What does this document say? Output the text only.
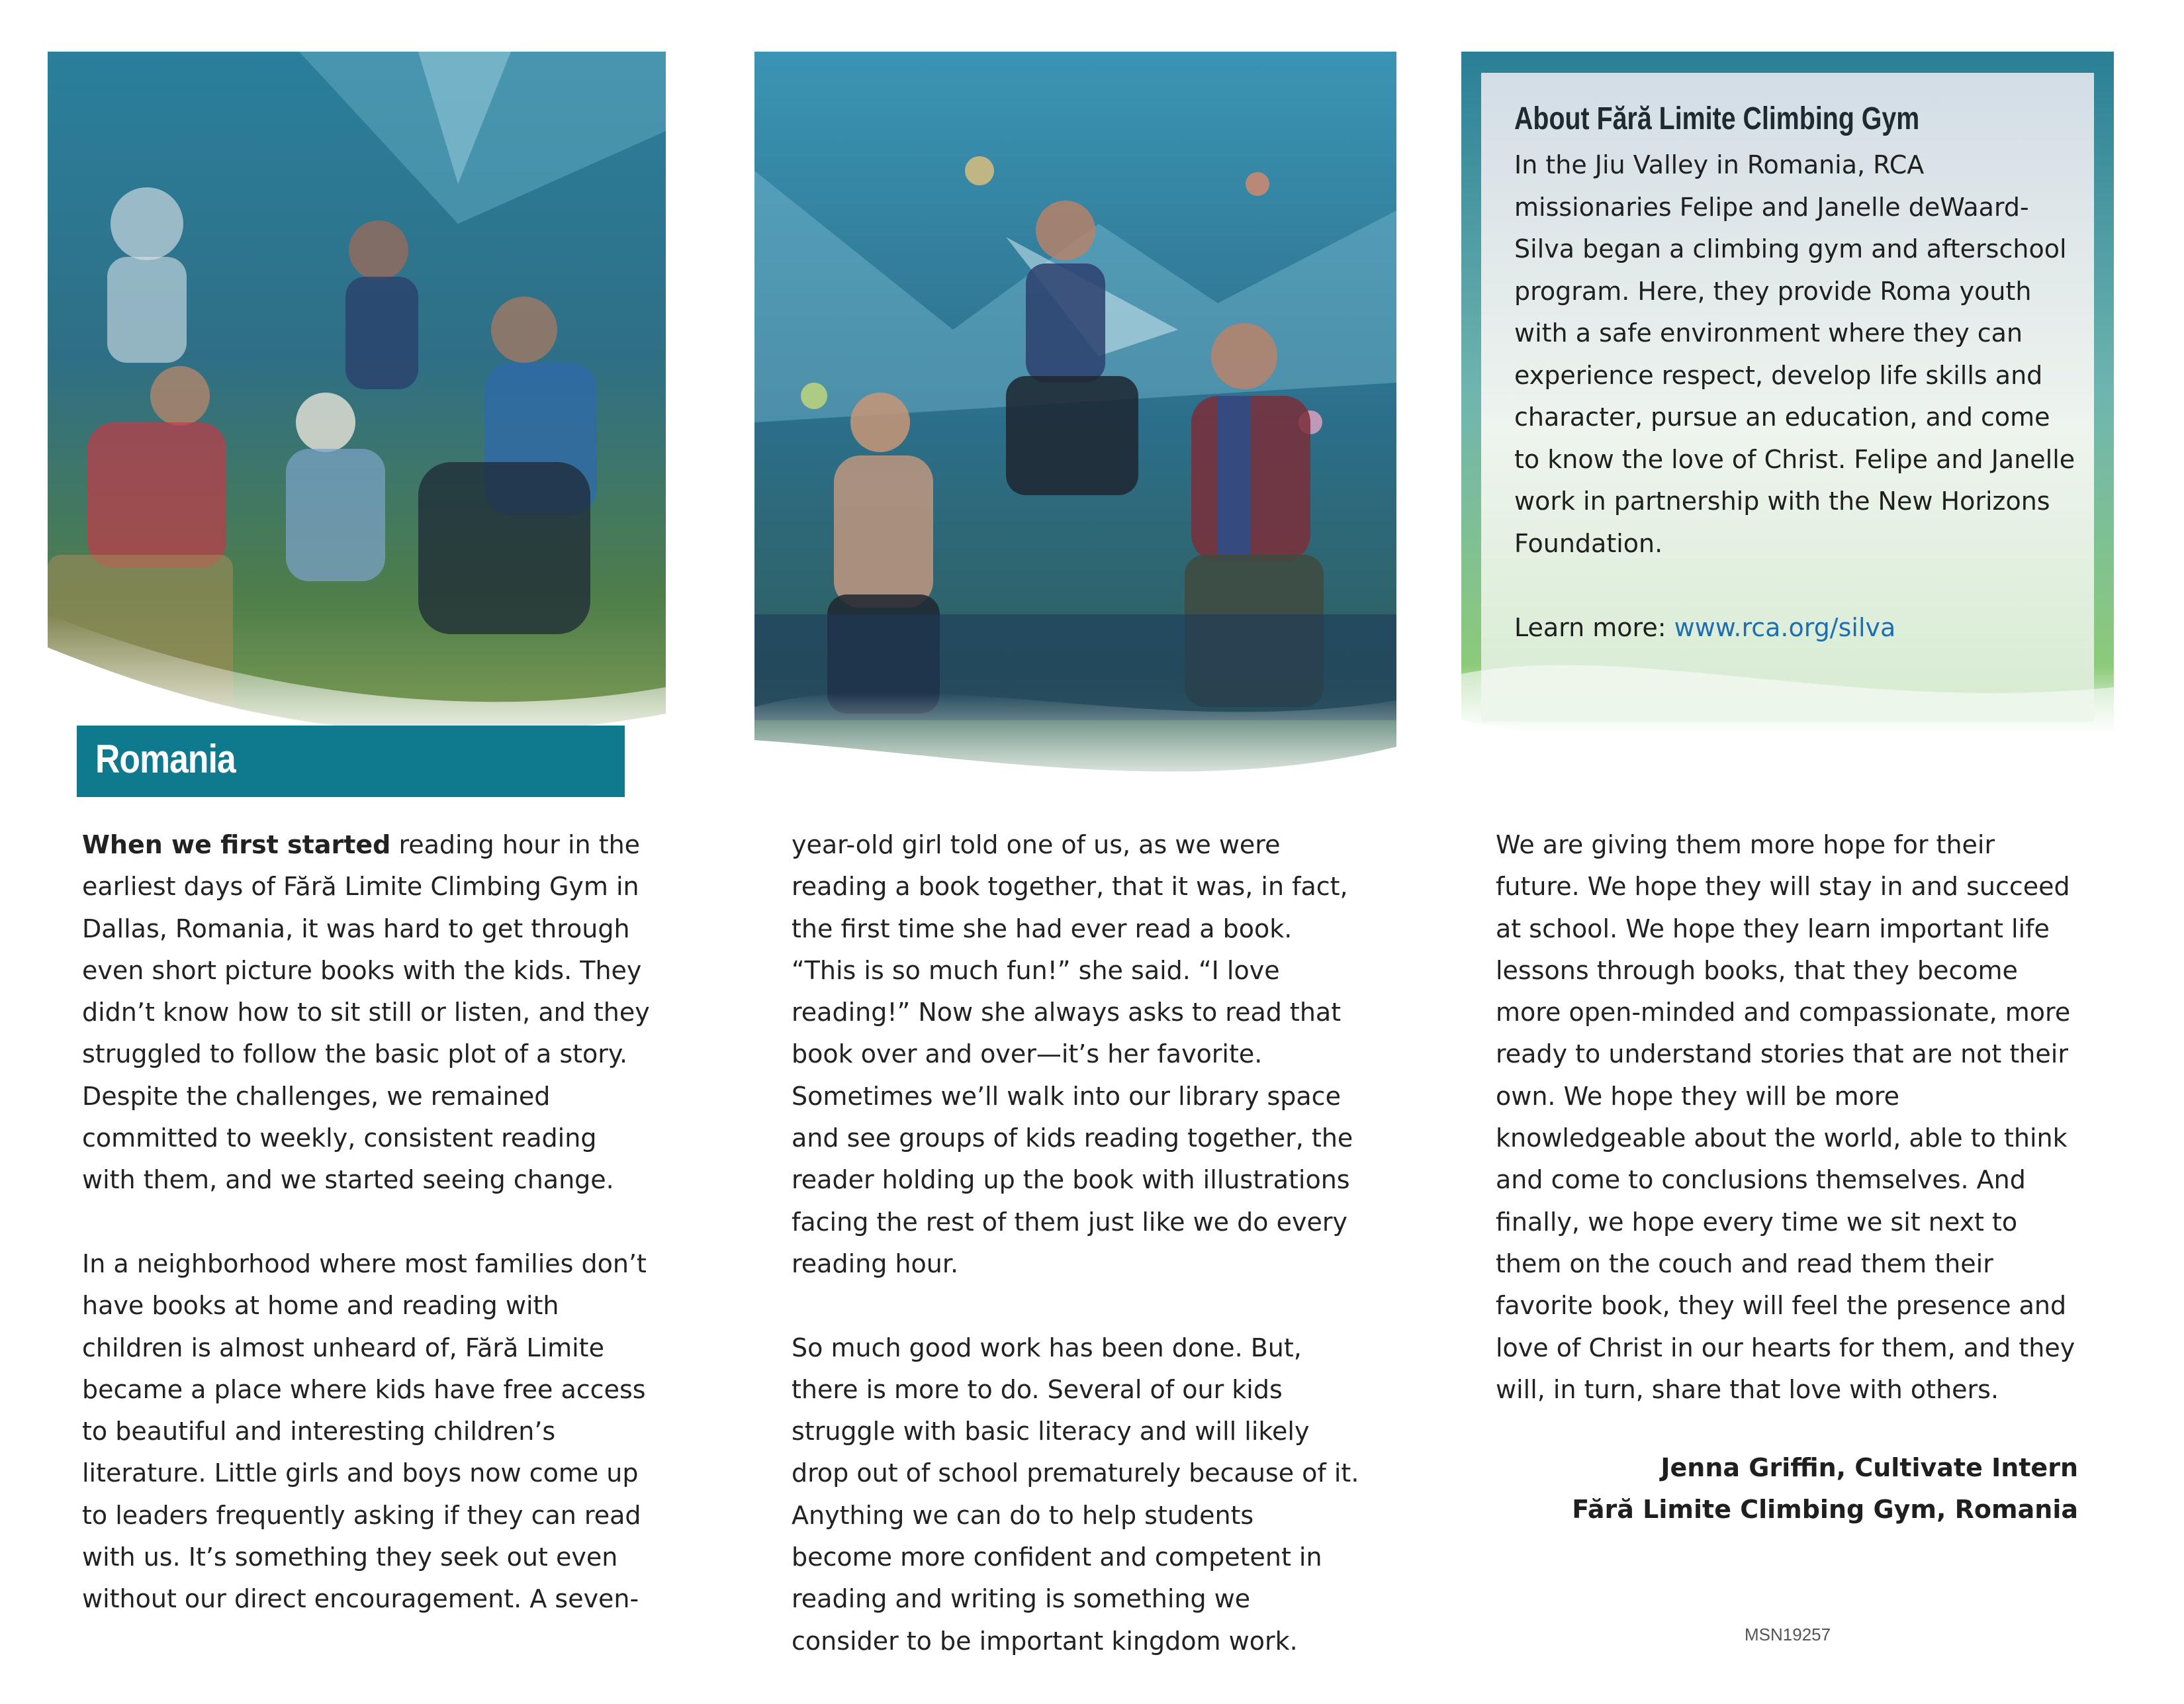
About Fără Limite Climbing Gym

In the Jiu Valley in Romania, RCA missionaries Felipe and Janelle deWaard-Silva began a climbing gym and afterschool program. Here, they provide Roma youth with a safe environment where they can experience respect, develop life skills and character, pursue an education, and come to know the love of Christ. Felipe and Janelle work in partnership with the New Horizons Foundation.

Learn more: www.rca.org/silva

Romania

When we first started reading hour in the earliest days of Fără Limite Climbing Gym in Dallas, Romania, it was hard to get through even short picture books with the kids. They didn’t know how to sit still or listen, and they struggled to follow the basic plot of a story. Despite the challenges, we remained committed to weekly, consistent reading with them, and we started seeing change.

In a neighborhood where most families don’t have books at home and reading with children is almost unheard of, Fără Limite became a place where kids have free access to beautiful and interesting children’s literature. Little girls and boys now come up to leaders frequently asking if they can read with us. It’s something they seek out even without our direct encouragement. A seven-

year-old girl told one of us, as we were reading a book together, that it was, in fact, the first time she had ever read a book. “This is so much fun!” she said. “I love reading!” Now she always asks to read that book over and over—it’s her favorite. Sometimes we’ll walk into our library space and see groups of kids reading together, the reader holding up the book with illustrations facing the rest of them just like we do every reading hour.

So much good work has been done. But, there is more to do. Several of our kids struggle with basic literacy and will likely drop out of school prematurely because of it. Anything we can do to help students become more confident and competent in reading and writing is something we consider to be important kingdom work.

We are giving them more hope for their future. We hope they will stay in and succeed at school. We hope they learn important life lessons through books, that they become more open-minded and compassionate, more ready to understand stories that are not their own. We hope they will be more knowledgeable about the world, able to think and come to conclusions themselves. And finally, we hope every time we sit next to them on the couch and read them their favorite book, they will feel the presence and love of Christ in our hearts for them, and they will, in turn, share that love with others.

Jenna Griffin, Cultivate Intern
Fără Limite Climbing Gym, Romania
MSN19257
